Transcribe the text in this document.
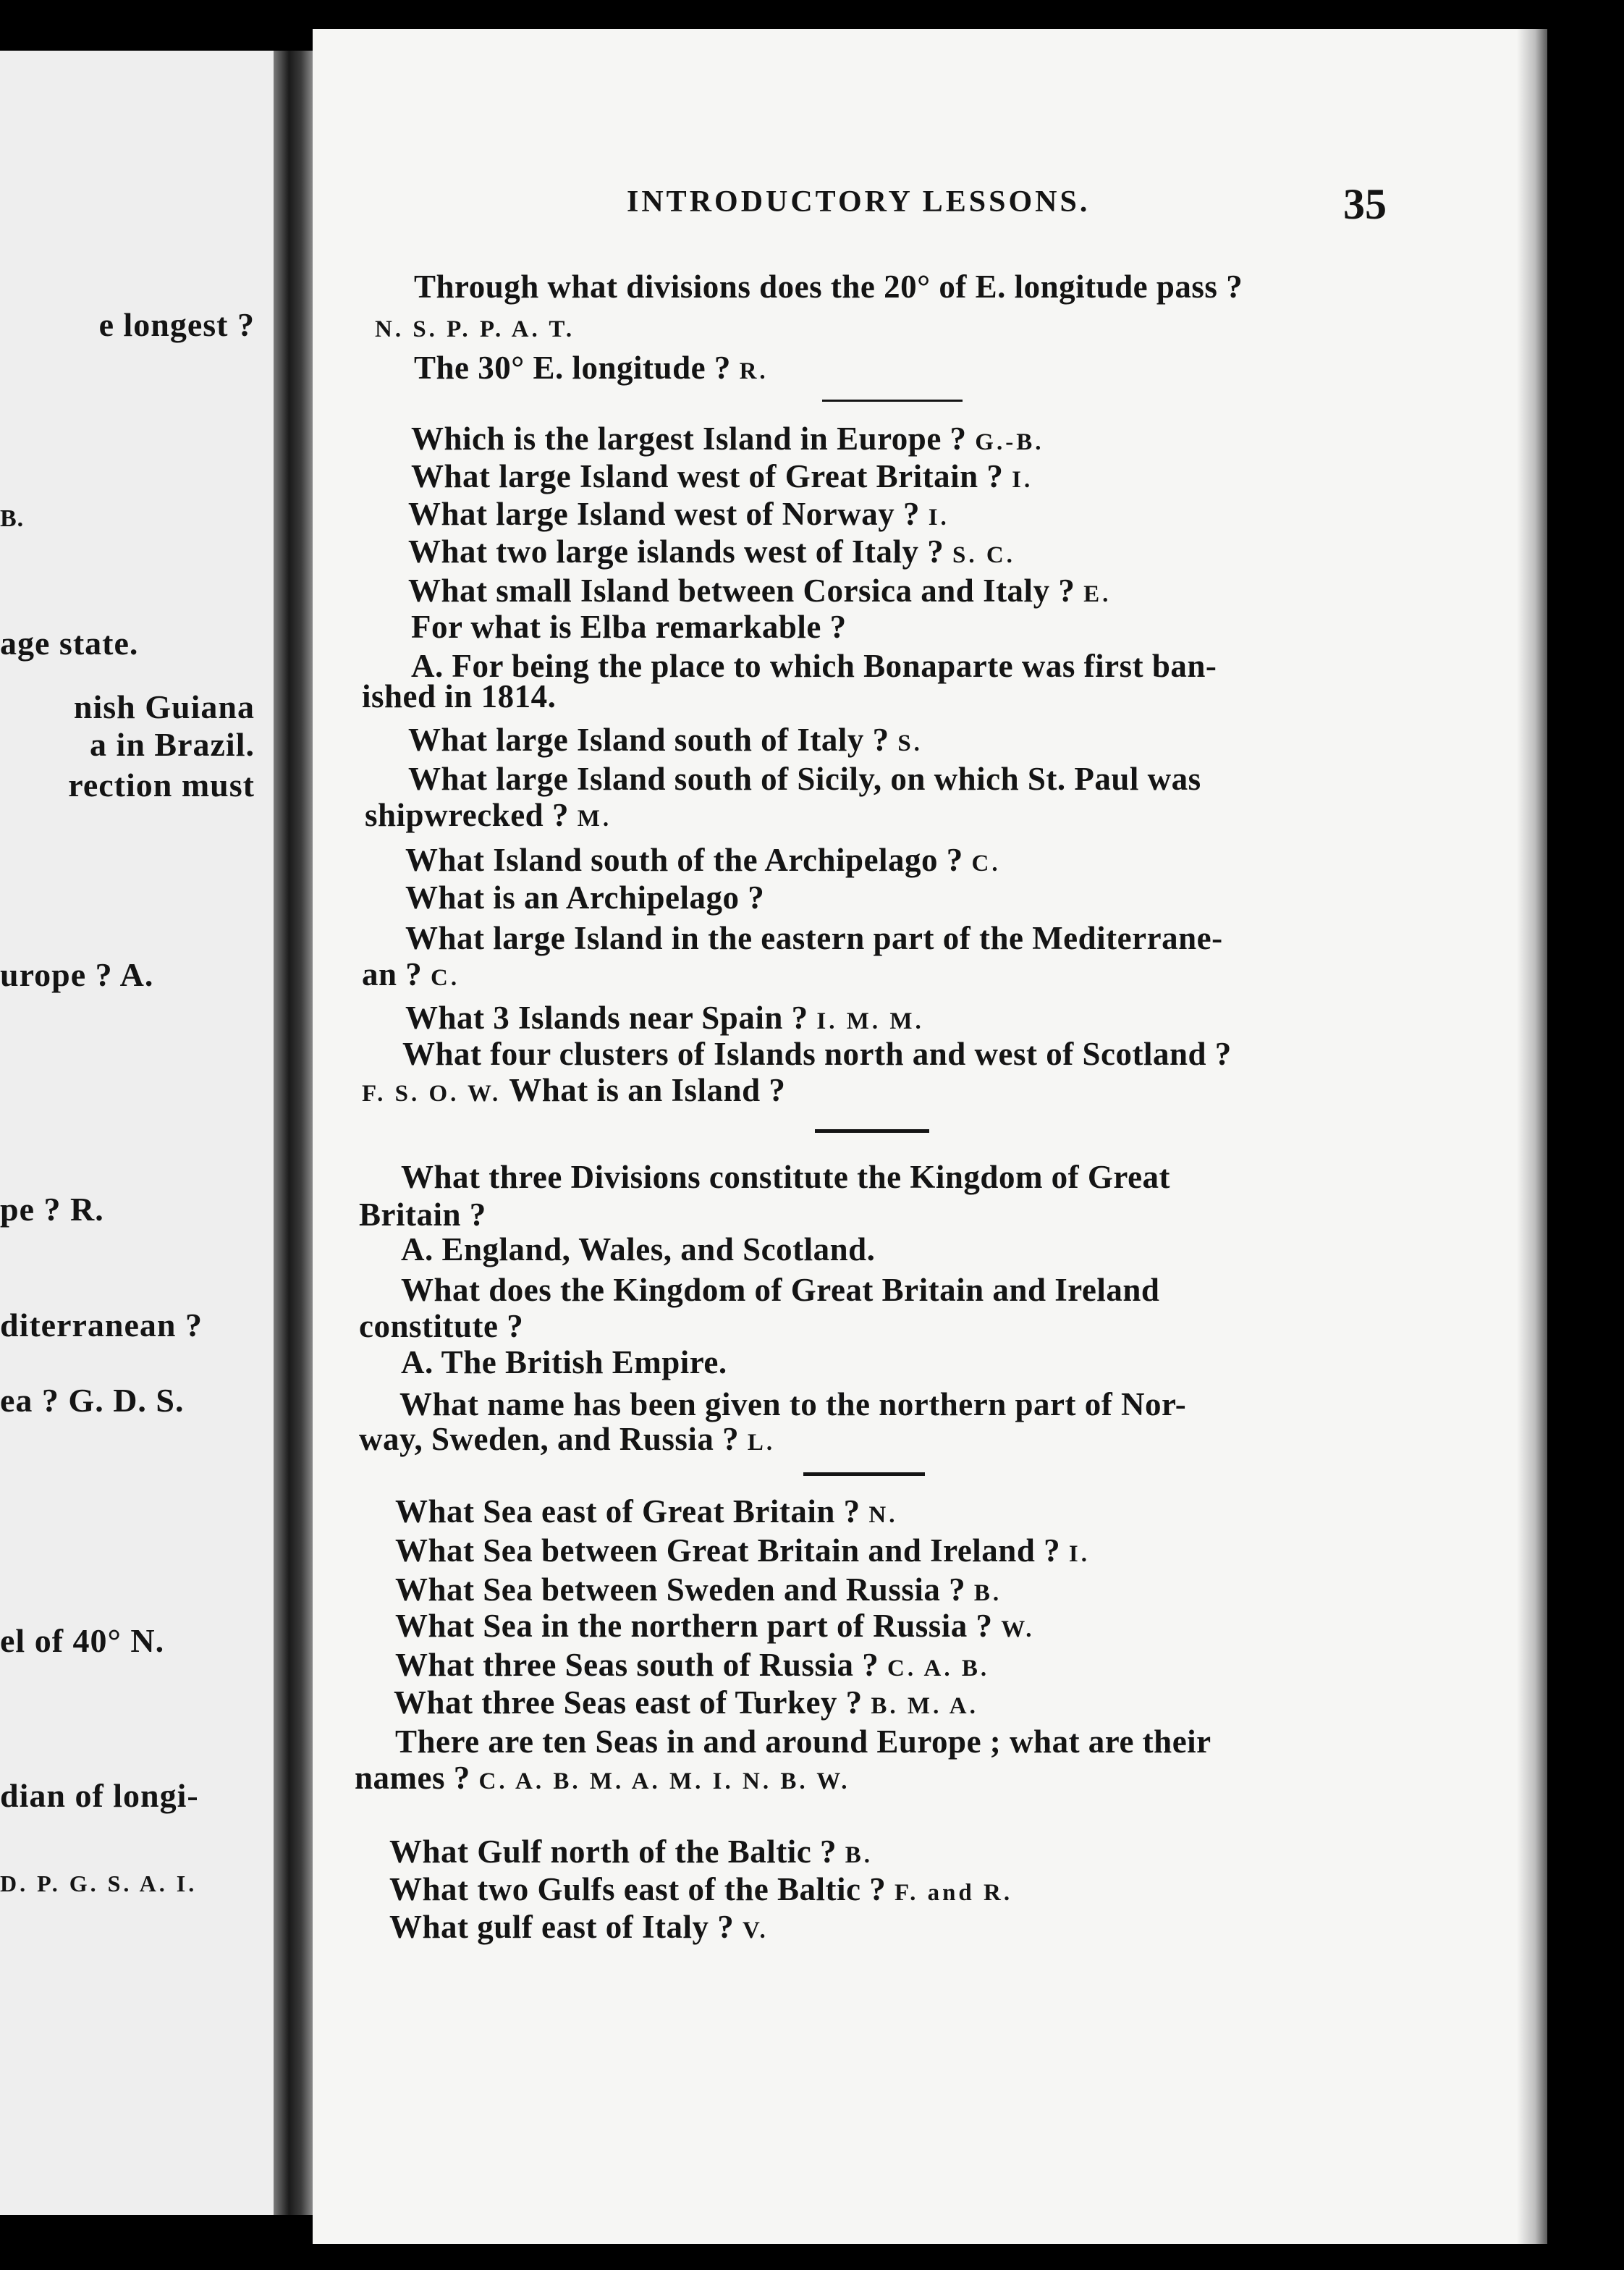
e longest ?
B.
age state.
nish Guiana
a in Brazil.
rection must
urope ? A.
pe ? R.
diterranean ?
ea ? G. D. S.
el of 40° N.
dian of longi-
D. P. G. S. A. I.
INTRODUCTORY LESSONS.	35
Through what divisions does the 20° of E. longitude pass ?
N. S. P. P. A. T.
The 30° E. longitude ? R.
Which is the largest Island in Europe ? G.-B.
What large Island west of Great Britain ? I.
What large Island west of Norway ? I.
What two large islands west of Italy ? S. C.
What small Island between Corsica and Italy ? E.
For what is Elba remarkable ?
A. For being the place to which Bonaparte was first ban-
ished in 1814.
What large Island south of Italy ? S.
What large Island south of Sicily, on which St. Paul was
shipwrecked ? M.
What Island south of the Archipelago ? C.
What is an Archipelago ?
What large Island in the eastern part of the Mediterrane-
an ? C.
What 3 Islands near Spain ? I. M. M.
What four clusters of Islands north and west of Scotland ?
F. S. O. W. What is an Island ?
What three Divisions constitute the Kingdom of Great
Britain ?
A. England, Wales, and Scotland.
What does the Kingdom of Great Britain and Ireland
constitute ?
A. The British Empire.
What name has been given to the northern part of Nor-
way, Sweden, and Russia ? L.
What Sea east of Great Britain ? N.
What Sea between Great Britain and Ireland ? I.
What Sea between Sweden and Russia ? B.
What Sea in the northern part of Russia ? W.
What three Seas south of Russia ? C. A. B.
What three Seas east of Turkey ? B. M. A.
There are ten Seas in and around Europe ; what are their
names ? C. A. B. M. A. M. I. N. B. W.
What Gulf north of the Baltic ? B.
What two Gulfs east of the Baltic ? F. and R.
What gulf east of Italy ? V.
